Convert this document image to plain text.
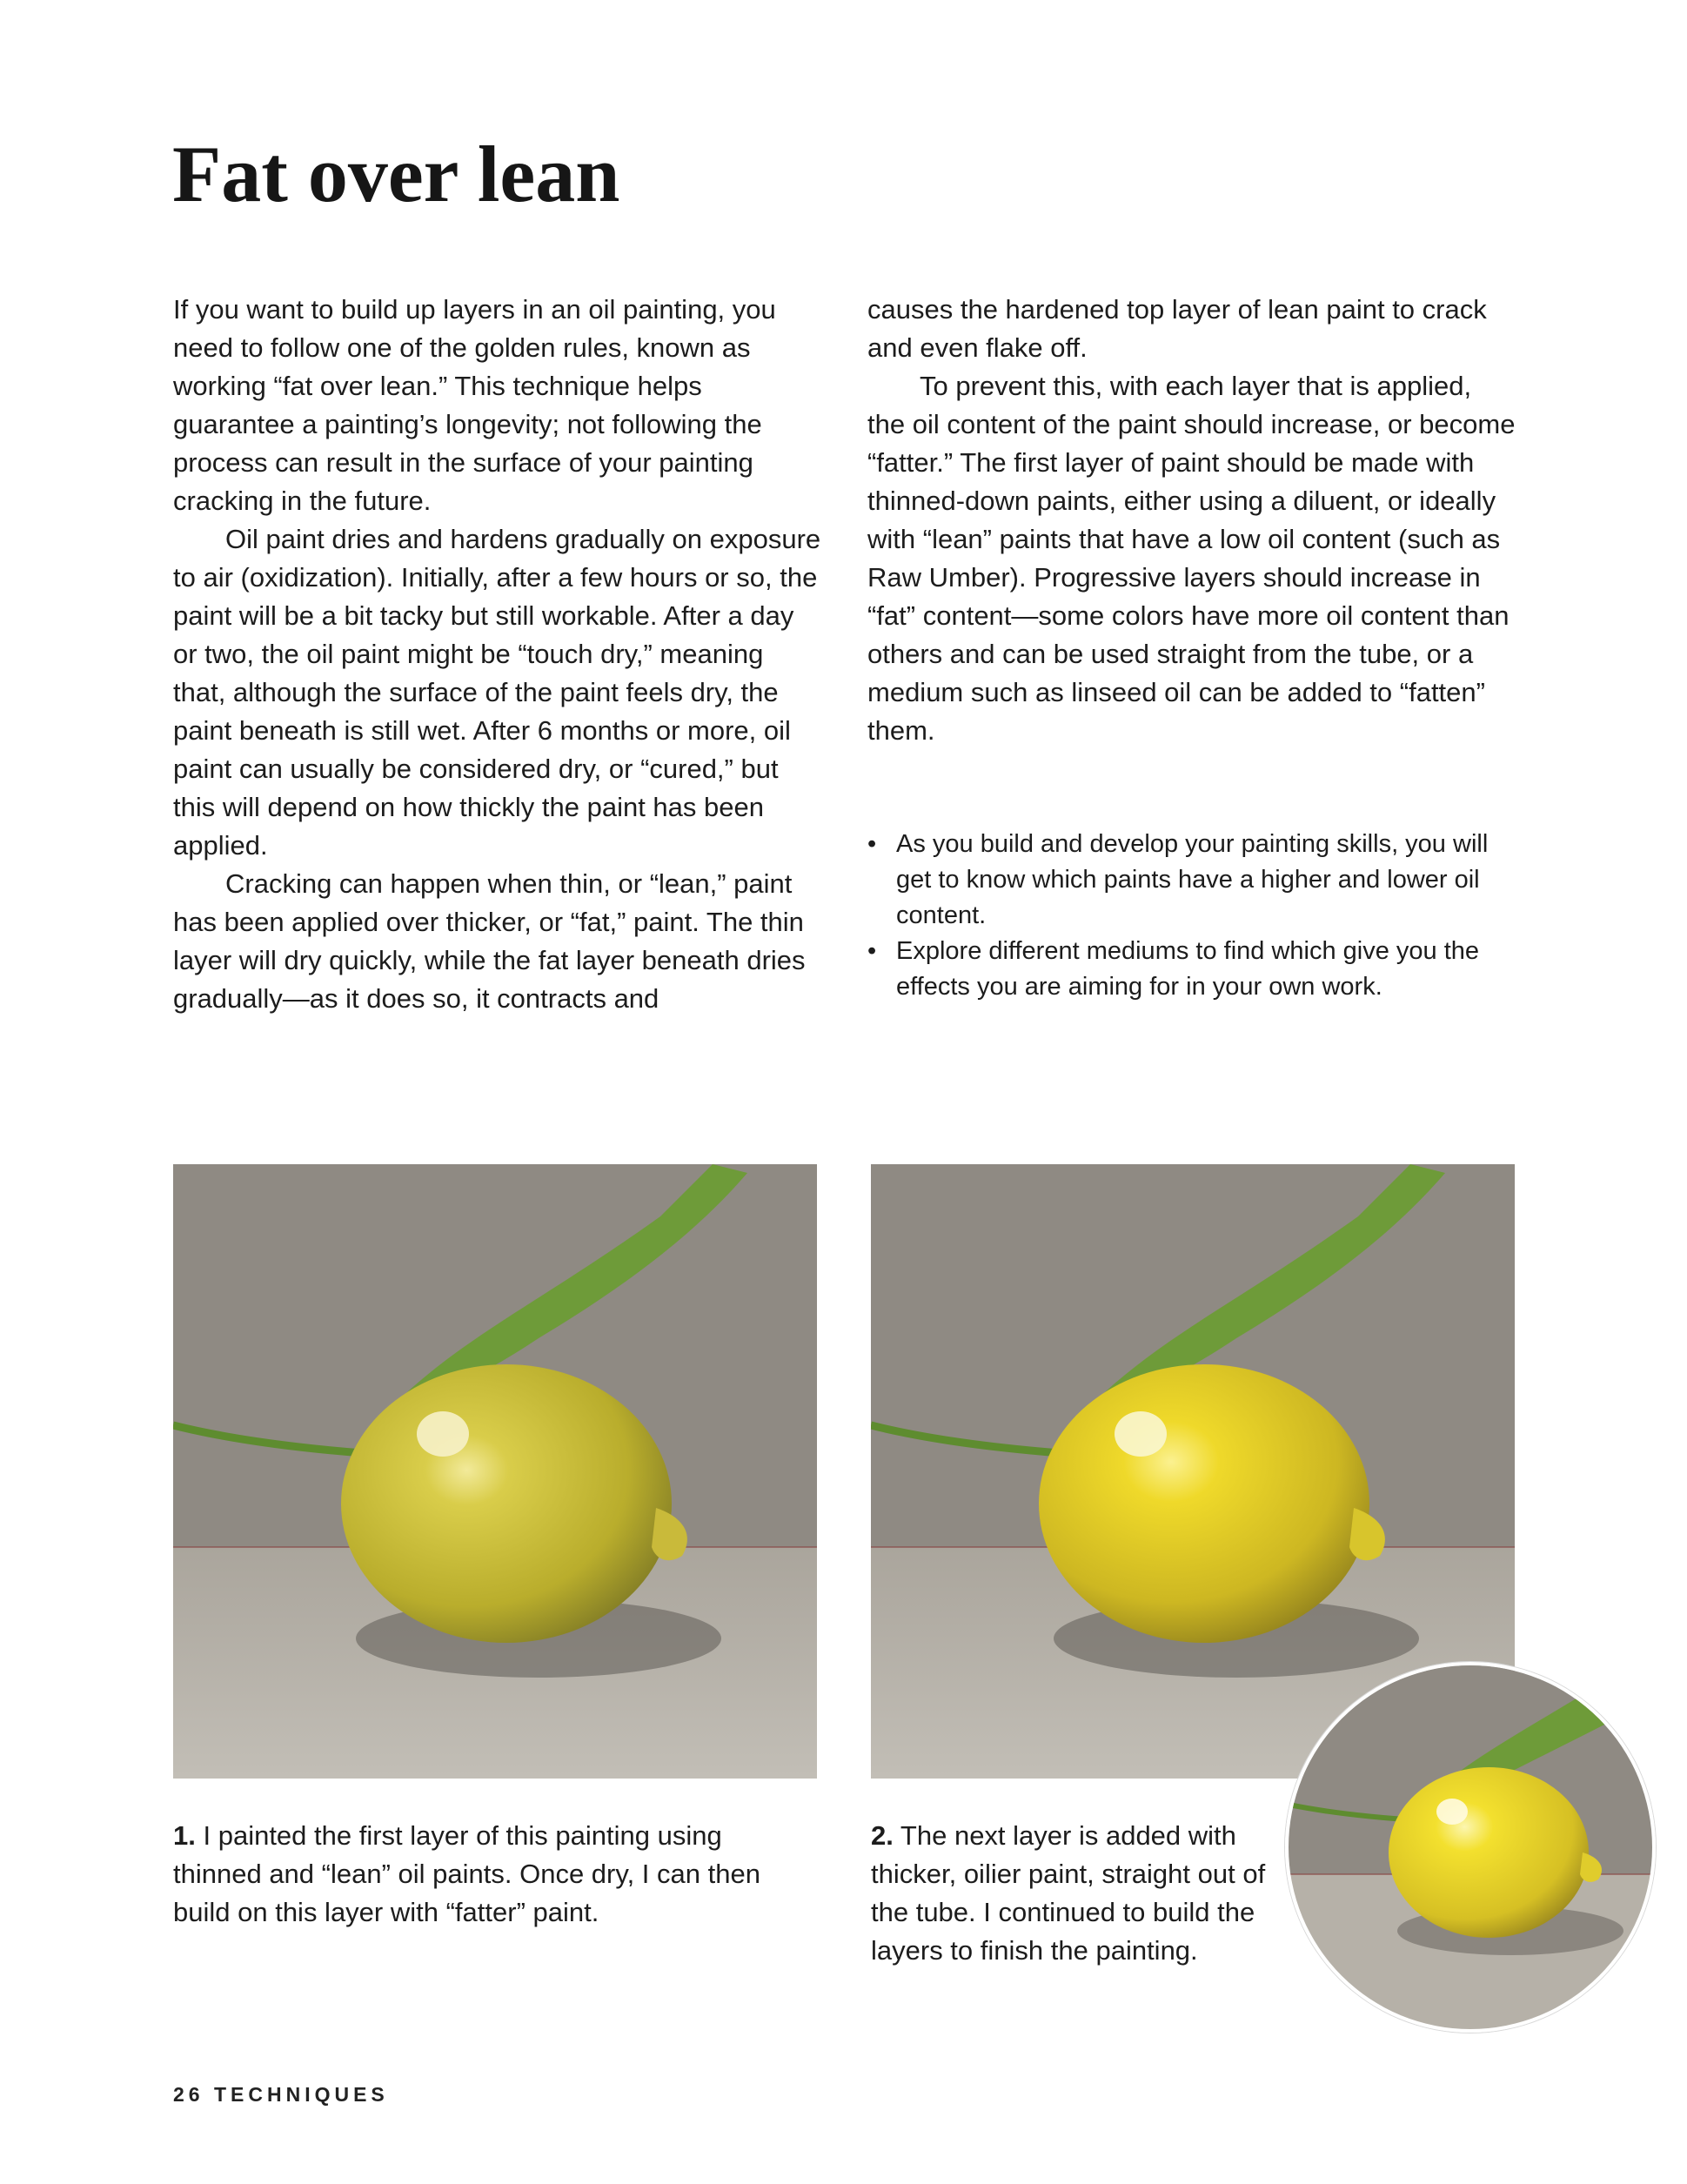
Fat over lean

If you want to build up layers in an oil painting, you need to follow one of the golden rules, known as working “fat over lean.” This technique helps guarantee a painting’s longevity; not following the process can result in the surface of your painting cracking in the future.

Oil paint dries and hardens gradually on exposure to air (oxidization). Initially, after a few hours or so, the paint will be a bit tacky but still workable. After a day or two, the oil paint might be “touch dry,” meaning that, although the surface of the paint feels dry, the paint beneath is still wet. After 6 months or more, oil paint can usually be considered dry, or “cured,” but this will depend on how thickly the paint has been applied.

Cracking can happen when thin, or “lean,” paint has been applied over thicker, or “fat,” paint. The thin layer will dry quickly, while the fat layer beneath dries gradually—as it does so, it contracts and

causes the hardened top layer of lean paint to crack and even flake off.

To prevent this, with each layer that is applied, the oil content of the paint should increase, or become “fatter.” The first layer of paint should be made with thinned-down paints, either using a diluent, or ideally with “lean” paints that have a low oil content (such as Raw Umber). Progressive layers should increase in “fat” content—some colors have more oil content than others and can be used straight from the tube, or a medium such as linseed oil can be added to “fatten” them.

• As you build and develop your painting skills, you will get to know which paints have a higher and lower oil content.
• Explore different mediums to find which give you the effects you are aiming for in your own work.

1. I painted the first layer of this painting using thinned and “lean” oil paints. Once dry, I can then build on this layer with “fatter” paint.

2. The next layer is added with thicker, oilier paint, straight out of the tube. I continued to build the layers to finish the painting.

26 TECHNIQUES
